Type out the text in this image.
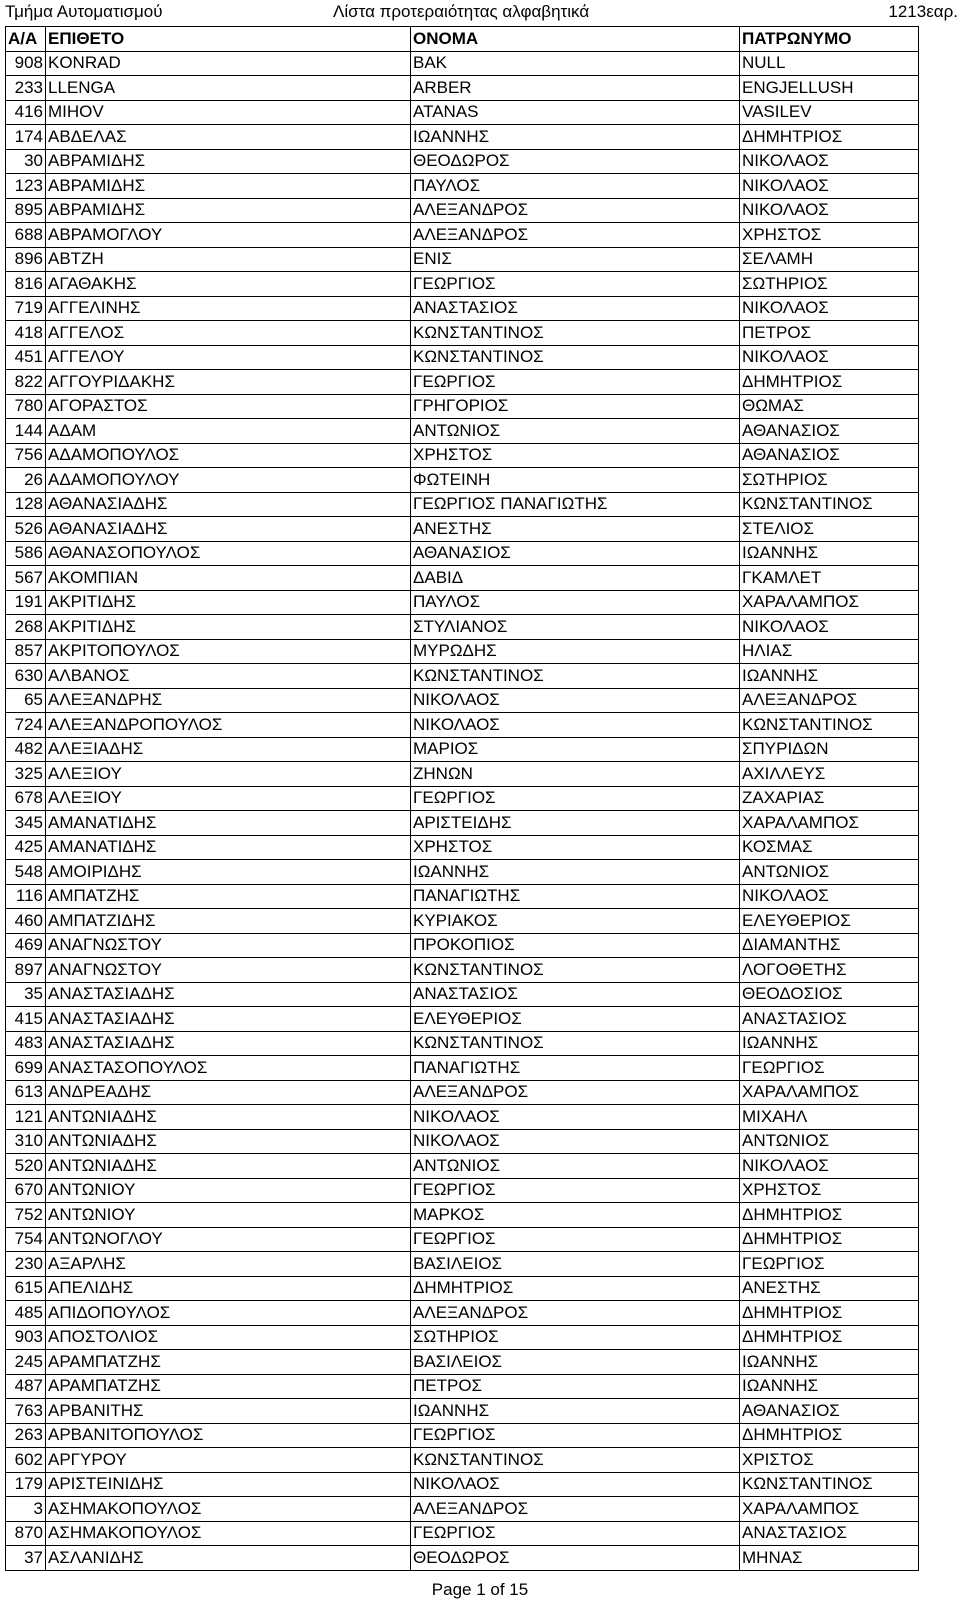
Τμήμα Αυτοματισμού	Λίστα προτεραιότητας αλφαβητικά	1213εαρ.
Α/Α	ΕΠΙΘΕΤΟ	ΟΝΟΜΑ	ΠΑΤΡΩΝΥΜΟ
908	KONRAD	BAK	NULL
233	LLENGA	ARBER	ENGJELLUSH
416	MIHOV	ATANAS	VASILEV
174	ΑΒΔΕΛΑΣ	ΙΩΑΝΝΗΣ	ΔΗΜΗΤΡΙΟΣ
30	ΑΒΡΑΜΙΔΗΣ	ΘΕΟΔΩΡΟΣ	ΝΙΚΟΛΑΟΣ
123	ΑΒΡΑΜΙΔΗΣ	ΠΑΥΛΟΣ	ΝΙΚΟΛΑΟΣ
895	ΑΒΡΑΜΙΔΗΣ	ΑΛΕΞΑΝΔΡΟΣ	ΝΙΚΟΛΑΟΣ
688	ΑΒΡΑΜΟΓΛΟΥ	ΑΛΕΞΑΝΔΡΟΣ	ΧΡΗΣΤΟΣ
896	ΑΒΤΖΗ	ΕΝΙΣ	ΣΕΛΑΜΗ
816	ΑΓΑΘΑΚΗΣ	ΓΕΩΡΓΙΟΣ	ΣΩΤΗΡΙΟΣ
719	ΑΓΓΕΛΙΝΗΣ	ΑΝΑΣΤΑΣΙΟΣ	ΝΙΚΟΛΑΟΣ
418	ΑΓΓΕΛΟΣ	ΚΩΝΣΤΑΝΤΙΝΟΣ	ΠΕΤΡΟΣ
451	ΑΓΓΕΛΟΥ	ΚΩΝΣΤΑΝΤΙΝΟΣ	ΝΙΚΟΛΑΟΣ
822	ΑΓΓΟΥΡΙΔΑΚΗΣ	ΓΕΩΡΓΙΟΣ	ΔΗΜΗΤΡΙΟΣ
780	ΑΓΟΡΑΣΤΟΣ	ΓΡΗΓΟΡΙΟΣ	ΘΩΜΑΣ
144	ΑΔΑΜ	ΑΝΤΩΝΙΟΣ	ΑΘΑΝΑΣΙΟΣ
756	ΑΔΑΜΟΠΟΥΛΟΣ	ΧΡΗΣΤΟΣ	ΑΘΑΝΑΣΙΟΣ
26	ΑΔΑΜΟΠΟΥΛΟΥ	ΦΩΤΕΙΝΗ	ΣΩΤΗΡΙΟΣ
128	ΑΘΑΝΑΣΙΑΔΗΣ	ΓΕΩΡΓΙΟΣ ΠΑΝΑΓΙΩΤΗΣ	ΚΩΝΣΤΑΝΤΙΝΟΣ
526	ΑΘΑΝΑΣΙΑΔΗΣ	ΑΝΕΣΤΗΣ	ΣΤΕΛΙΟΣ
586	ΑΘΑΝΑΣΟΠΟΥΛΟΣ	ΑΘΑΝΑΣΙΟΣ	ΙΩΑΝΝΗΣ
567	ΑΚΟΜΠΙΑΝ	ΔΑΒΙΔ	ΓΚΑΜΛΕΤ
191	ΑΚΡΙΤΙΔΗΣ	ΠΑΥΛΟΣ	ΧΑΡΑΛΑΜΠΟΣ
268	ΑΚΡΙΤΙΔΗΣ	ΣΤΥΛΙΑΝΟΣ	ΝΙΚΟΛΑΟΣ
857	ΑΚΡΙΤΟΠΟΥΛΟΣ	ΜΥΡΩΔΗΣ	ΗΛΙΑΣ
630	ΑΛΒΑΝΟΣ	ΚΩΝΣΤΑΝΤΙΝΟΣ	ΙΩΑΝΝΗΣ
65	ΑΛΕΞΑΝΔΡΗΣ	ΝΙΚΟΛΑΟΣ	ΑΛΕΞΑΝΔΡΟΣ
724	ΑΛΕΞΑΝΔΡΟΠΟΥΛΟΣ	ΝΙΚΟΛΑΟΣ	ΚΩΝΣΤΑΝΤΙΝΟΣ
482	ΑΛΕΞΙΑΔΗΣ	ΜΑΡΙΟΣ	ΣΠΥΡΙΔΩΝ
325	ΑΛΕΞΙΟΥ	ΖΗΝΩΝ	ΑΧΙΛΛΕΥΣ
678	ΑΛΕΞΙΟΥ	ΓΕΩΡΓΙΟΣ	ΖΑΧΑΡΙΑΣ
345	ΑΜΑΝΑΤΙΔΗΣ	ΑΡΙΣΤΕΙΔΗΣ	ΧΑΡΑΛΑΜΠΟΣ
425	ΑΜΑΝΑΤΙΔΗΣ	ΧΡΗΣΤΟΣ	ΚΟΣΜΑΣ
548	ΑΜΟΙΡΙΔΗΣ	ΙΩΑΝΝΗΣ	ΑΝΤΩΝΙΟΣ
116	ΑΜΠΑΤΖΗΣ	ΠΑΝΑΓΙΩΤΗΣ	ΝΙΚΟΛΑΟΣ
460	ΑΜΠΑΤΖΙΔΗΣ	ΚΥΡΙΑΚΟΣ	ΕΛΕΥΘΕΡΙΟΣ
469	ΑΝΑΓΝΩΣΤΟΥ	ΠΡΟΚΟΠΙΟΣ	ΔΙΑΜΑΝΤΗΣ
897	ΑΝΑΓΝΩΣΤΟΥ	ΚΩΝΣΤΑΝΤΙΝΟΣ	ΛΟΓΟΘΕΤΗΣ
35	ΑΝΑΣΤΑΣΙΑΔΗΣ	ΑΝΑΣΤΑΣΙΟΣ	ΘΕΟΔΟΣΙΟΣ
415	ΑΝΑΣΤΑΣΙΑΔΗΣ	ΕΛΕΥΘΕΡΙΟΣ	ΑΝΑΣΤΑΣΙΟΣ
483	ΑΝΑΣΤΑΣΙΑΔΗΣ	ΚΩΝΣΤΑΝΤΙΝΟΣ	ΙΩΑΝΝΗΣ
699	ΑΝΑΣΤΑΣΟΠΟΥΛΟΣ	ΠΑΝΑΓΙΩΤΗΣ	ΓΕΩΡΓΙΟΣ
613	ΑΝΔΡΕΑΔΗΣ	ΑΛΕΞΑΝΔΡΟΣ	ΧΑΡΑΛΑΜΠΟΣ
121	ΑΝΤΩΝΙΑΔΗΣ	ΝΙΚΟΛΑΟΣ	ΜΙΧΑΗΛ
310	ΑΝΤΩΝΙΑΔΗΣ	ΝΙΚΟΛΑΟΣ	ΑΝΤΩΝΙΟΣ
520	ΑΝΤΩΝΙΑΔΗΣ	ΑΝΤΩΝΙΟΣ	ΝΙΚΟΛΑΟΣ
670	ΑΝΤΩΝΙΟΥ	ΓΕΩΡΓΙΟΣ	ΧΡΗΣΤΟΣ
752	ΑΝΤΩΝΙΟΥ	ΜΑΡΚΟΣ	ΔΗΜΗΤΡΙΟΣ
754	ΑΝΤΩΝΟΓΛΟΥ	ΓΕΩΡΓΙΟΣ	ΔΗΜΗΤΡΙΟΣ
230	ΑΞΑΡΛΗΣ	ΒΑΣΙΛΕΙΟΣ	ΓΕΩΡΓΙΟΣ
615	ΑΠΕΛΙΔΗΣ	ΔΗΜΗΤΡΙΟΣ	ΑΝΕΣΤΗΣ
485	ΑΠΙΔΟΠΟΥΛΟΣ	ΑΛΕΞΑΝΔΡΟΣ	ΔΗΜΗΤΡΙΟΣ
903	ΑΠΟΣΤΟΛΙΟΣ	ΣΩΤΗΡΙΟΣ	ΔΗΜΗΤΡΙΟΣ
245	ΑΡΑΜΠΑΤΖΗΣ	ΒΑΣΙΛΕΙΟΣ	ΙΩΑΝΝΗΣ
487	ΑΡΑΜΠΑΤΖΗΣ	ΠΕΤΡΟΣ	ΙΩΑΝΝΗΣ
763	ΑΡΒΑΝΙΤΗΣ	ΙΩΑΝΝΗΣ	ΑΘΑΝΑΣΙΟΣ
263	ΑΡΒΑΝΙΤΟΠΟΥΛΟΣ	ΓΕΩΡΓΙΟΣ	ΔΗΜΗΤΡΙΟΣ
602	ΑΡΓΥΡΟΥ	ΚΩΝΣΤΑΝΤΙΝΟΣ	ΧΡΙΣΤΟΣ
179	ΑΡΙΣΤΕΙΝΙΔΗΣ	ΝΙΚΟΛΑΟΣ	ΚΩΝΣΤΑΝΤΙΝΟΣ
3	ΑΣΗΜΑΚΟΠΟΥΛΟΣ	ΑΛΕΞΑΝΔΡΟΣ	ΧΑΡΑΛΑΜΠΟΣ
870	ΑΣΗΜΑΚΟΠΟΥΛΟΣ	ΓΕΩΡΓΙΟΣ	ΑΝΑΣΤΑΣΙΟΣ
37	ΑΣΛΑΝΙΔΗΣ	ΘΕΟΔΩΡΟΣ	ΜΗΝΑΣ
Page 1 of 15
